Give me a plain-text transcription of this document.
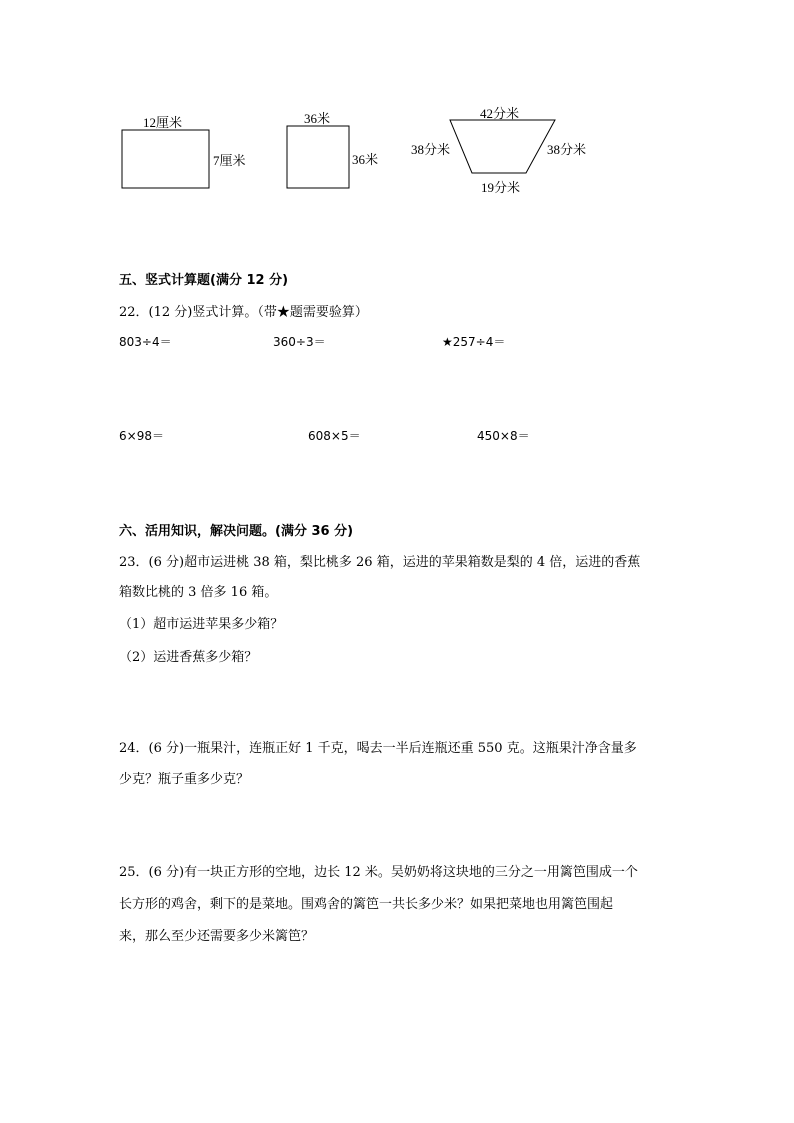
12厘米
7厘米
36米
36米
42分米
38分米	38分米
19分米
五、竖式计算题(满分 12 分)
22．(12 分)竖式计算。（带★题需要验算）
803÷4＝	360÷3＝	★257÷4＝
6×98＝	608×5＝	450×8＝
六、活用知识，解决问题。(满分 36 分)
23．(6 分)超市运进桃 38 箱，梨比桃多 26 箱，运进的苹果箱数是梨的 4 倍，运进的香蕉
箱数比桃的 3 倍多 16 箱。
（1）超市运进苹果多少箱？
（2）运进香蕉多少箱？
24．(6 分)一瓶果汁，连瓶正好 1 千克，喝去一半后连瓶还重 550 克。这瓶果汁净含量多
少克？瓶子重多少克？
25．(6 分)有一块正方形的空地，边长 12 米。吴奶奶将这块地的三分之一用篱笆围成一个
长方形的鸡舍，剩下的是菜地。围鸡舍的篱笆一共长多少米？如果把菜地也用篱笆围起
来，那么至少还需要多少米篱笆？
